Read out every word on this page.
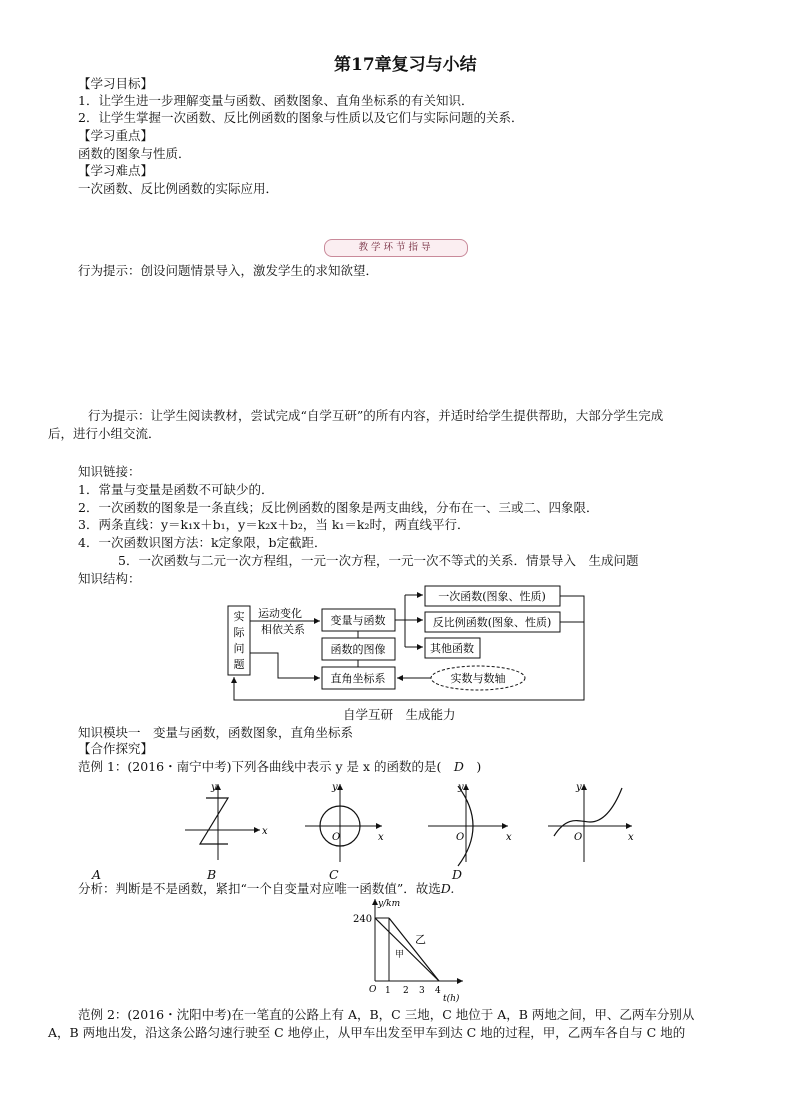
第17章复习与小结
【学习目标】
1．让学生进一步理解变量与函数、函数图象、直角坐标系的有关知识．
2．让学生掌握一次函数、反比例函数的图象与性质以及它们与实际问题的关系．
【学习重点】
函数的图象与性质．
【学习难点】
一次函数、反比例函数的实际应用．
教学环节指导
行为提示：创设问题情景导入，激发学生的求知欲望．
行为提示：让学生阅读教材，尝试完成“自学互研”的所有内容，并适时给学生提供帮助，大部分学生完成
后，进行小组交流．
知识链接：
1．常量与变量是函数不可缺少的．
2．一次函数的图象是一条直线；反比例函数的图象是两支曲线，分布在一、三或二、四象限．
3．两条直线：y＝k₁x＋b₁，y＝k₂x＋b₂，当 k₁＝k₂时，两直线平行．
4．一次函数识图方法：k定象限，b定截距．
5．一次函数与二元一次方程组，一元一次方程，一元一次不等式的关系．情景导入　生成问题
知识结构：
实
际
问
题
运动变化
相依关系
变量与函数
函数的图像
直角坐标系	实数与数轴
一次函数(图象、性质)
反比例函数(图象、性质)
其他函数
自学互研　生成能力
知识模块一　变量与函数，函数图象，直角坐标系
【合作探究】
范例 1：(2016・南宁中考)下列各曲线中表示 y 是 x 的函数的是(　D　)
y
x
A
y
x
O
B
y
x
O
C
y
x
O
D
分析：判断是不是函数，紧扣“一个自变量对应唯一函数值”．故选D.
y/km
240
O
乙
甲
1 2 3 4
t(h)
范例 2：(2016・沈阳中考)在一笔直的公路上有 A，B，C 三地，C 地位于 A，B 两地之间，甲、乙两车分别从
A，B 两地出发，沿这条公路匀速行驶至 C 地停止，从甲车出发至甲车到达 C 地的过程，甲，乙两车各自与 C 地的
